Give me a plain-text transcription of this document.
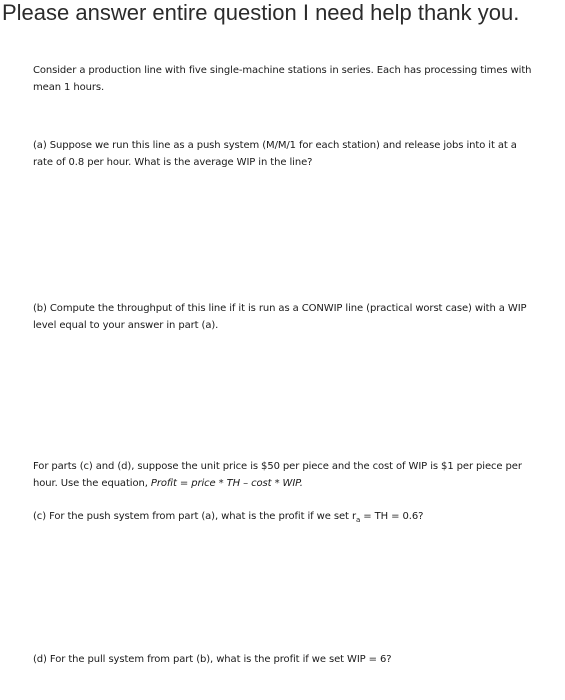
Please answer entire question I need help thank you.

Consider a production line with five single-machine stations in series. Each has processing times with mean 1 hours.

(a) Suppose we run this line as a push system (M/M/1 for each station) and release jobs into it at a rate of 0.8 per hour. What is the average WIP in the line?

(b) Compute the throughput of this line if it is run as a CONWIP line (practical worst case) with a WIP level equal to your answer in part (a).

For parts (c) and (d), suppose the unit price is $50 per piece and the cost of WIP is $1 per piece per hour. Use the equation, Profit = price * TH – cost * WIP.

(c) For the push system from part (a), what is the profit if we set $r_a$ = TH = 0.6?

(d) For the pull system from part (b), what is the profit if we set WIP = 6?
